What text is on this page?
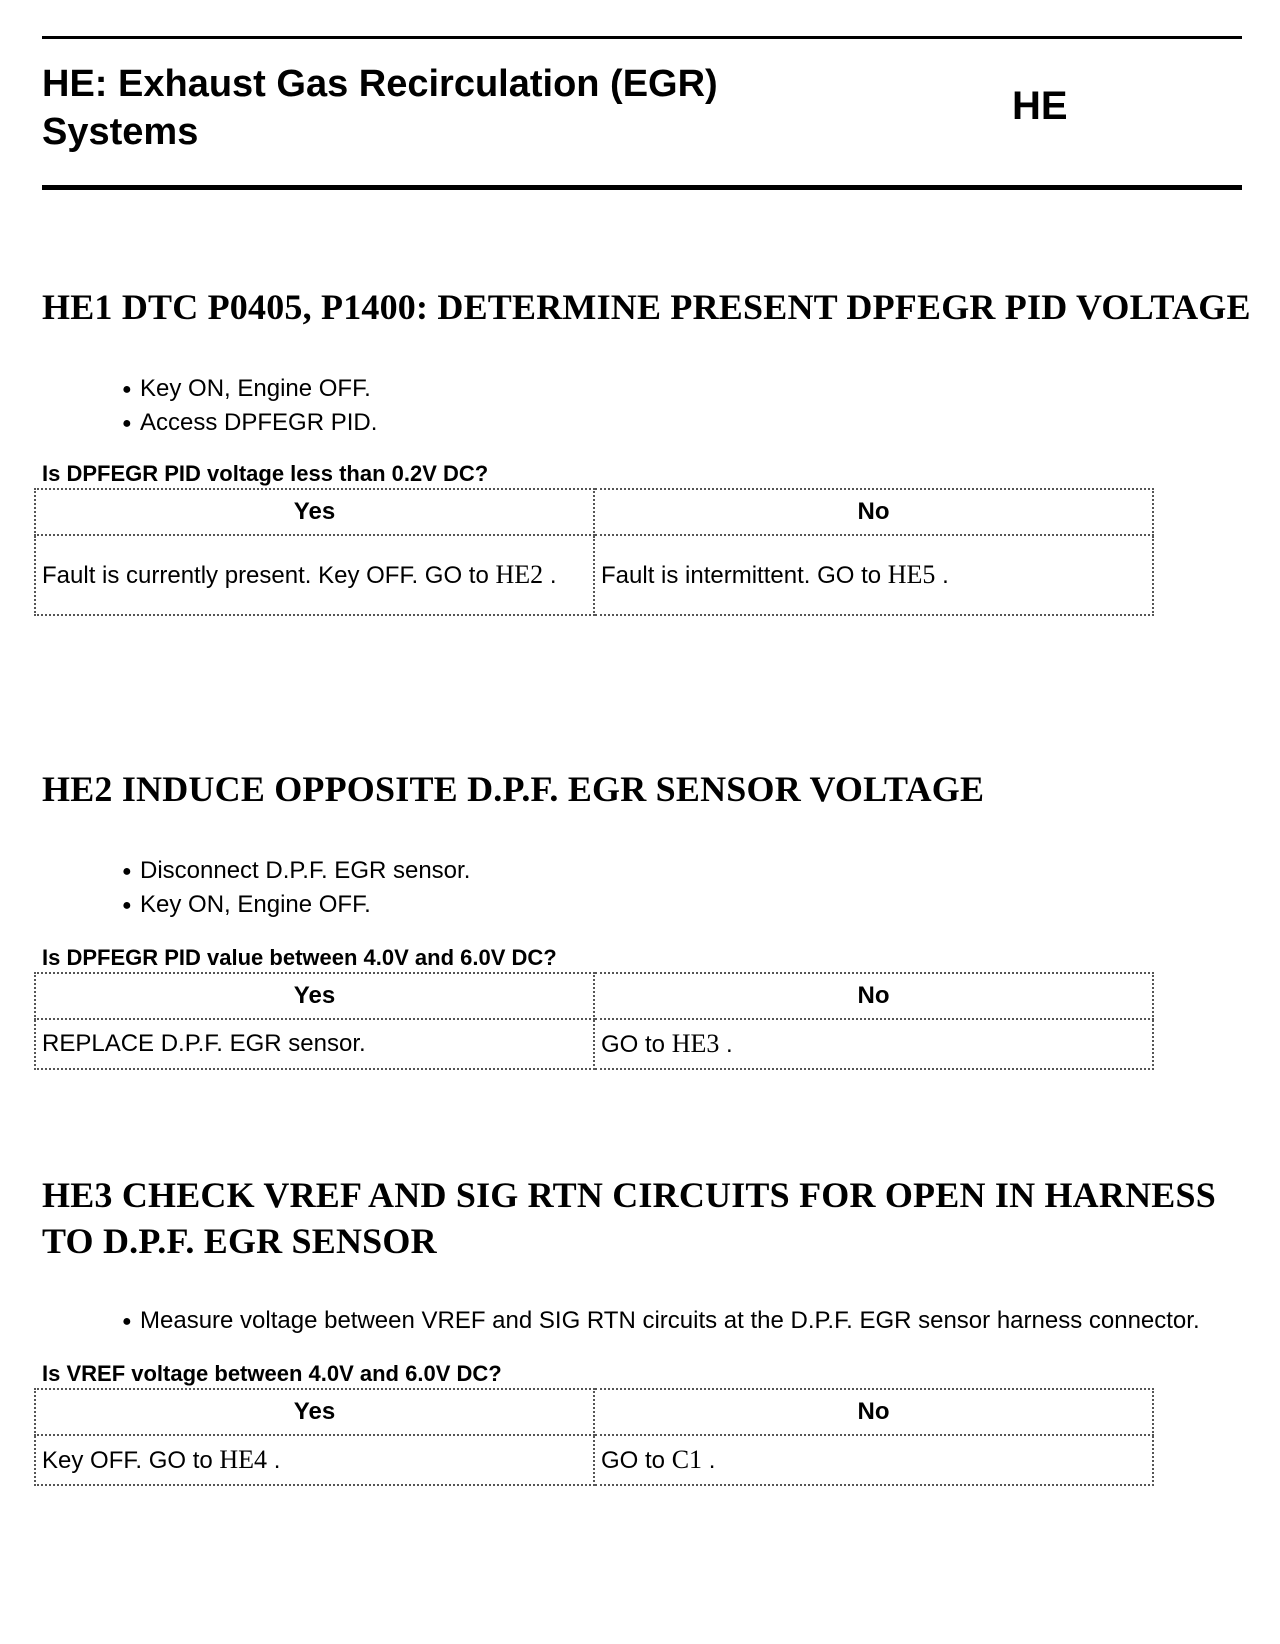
HE: Exhaust Gas Recirculation (EGR) Systems
HE
HE1 DTC P0405, P1400: DETERMINE PRESENT DPFEGR PID VOLTAGE
● Key ON, Engine OFF.
● Access DPFEGR PID.

Is DPFEGR PID voltage less than 0.2V DC?

Yes	No
Fault is currently present. Key OFF. GO to HE2 .	Fault is intermittent. GO to HE5 .
HE2 INDUCE OPPOSITE D.P.F. EGR SENSOR VOLTAGE
● Disconnect D.P.F. EGR sensor.
● Key ON, Engine OFF.

Is DPFEGR PID value between 4.0V and 6.0V DC?

Yes	No
REPLACE D.P.F. EGR sensor.	GO to HE3 .
HE3 CHECK VREF AND SIG RTN CIRCUITS FOR OPEN IN HARNESS TO D.P.F. EGR SENSOR
● Measure voltage between VREF and SIG RTN circuits at the D.P.F. EGR sensor harness connector.

Is VREF voltage between 4.0V and 6.0V DC?

Yes	No
Key OFF. GO to HE4 .	GO to C1 .
